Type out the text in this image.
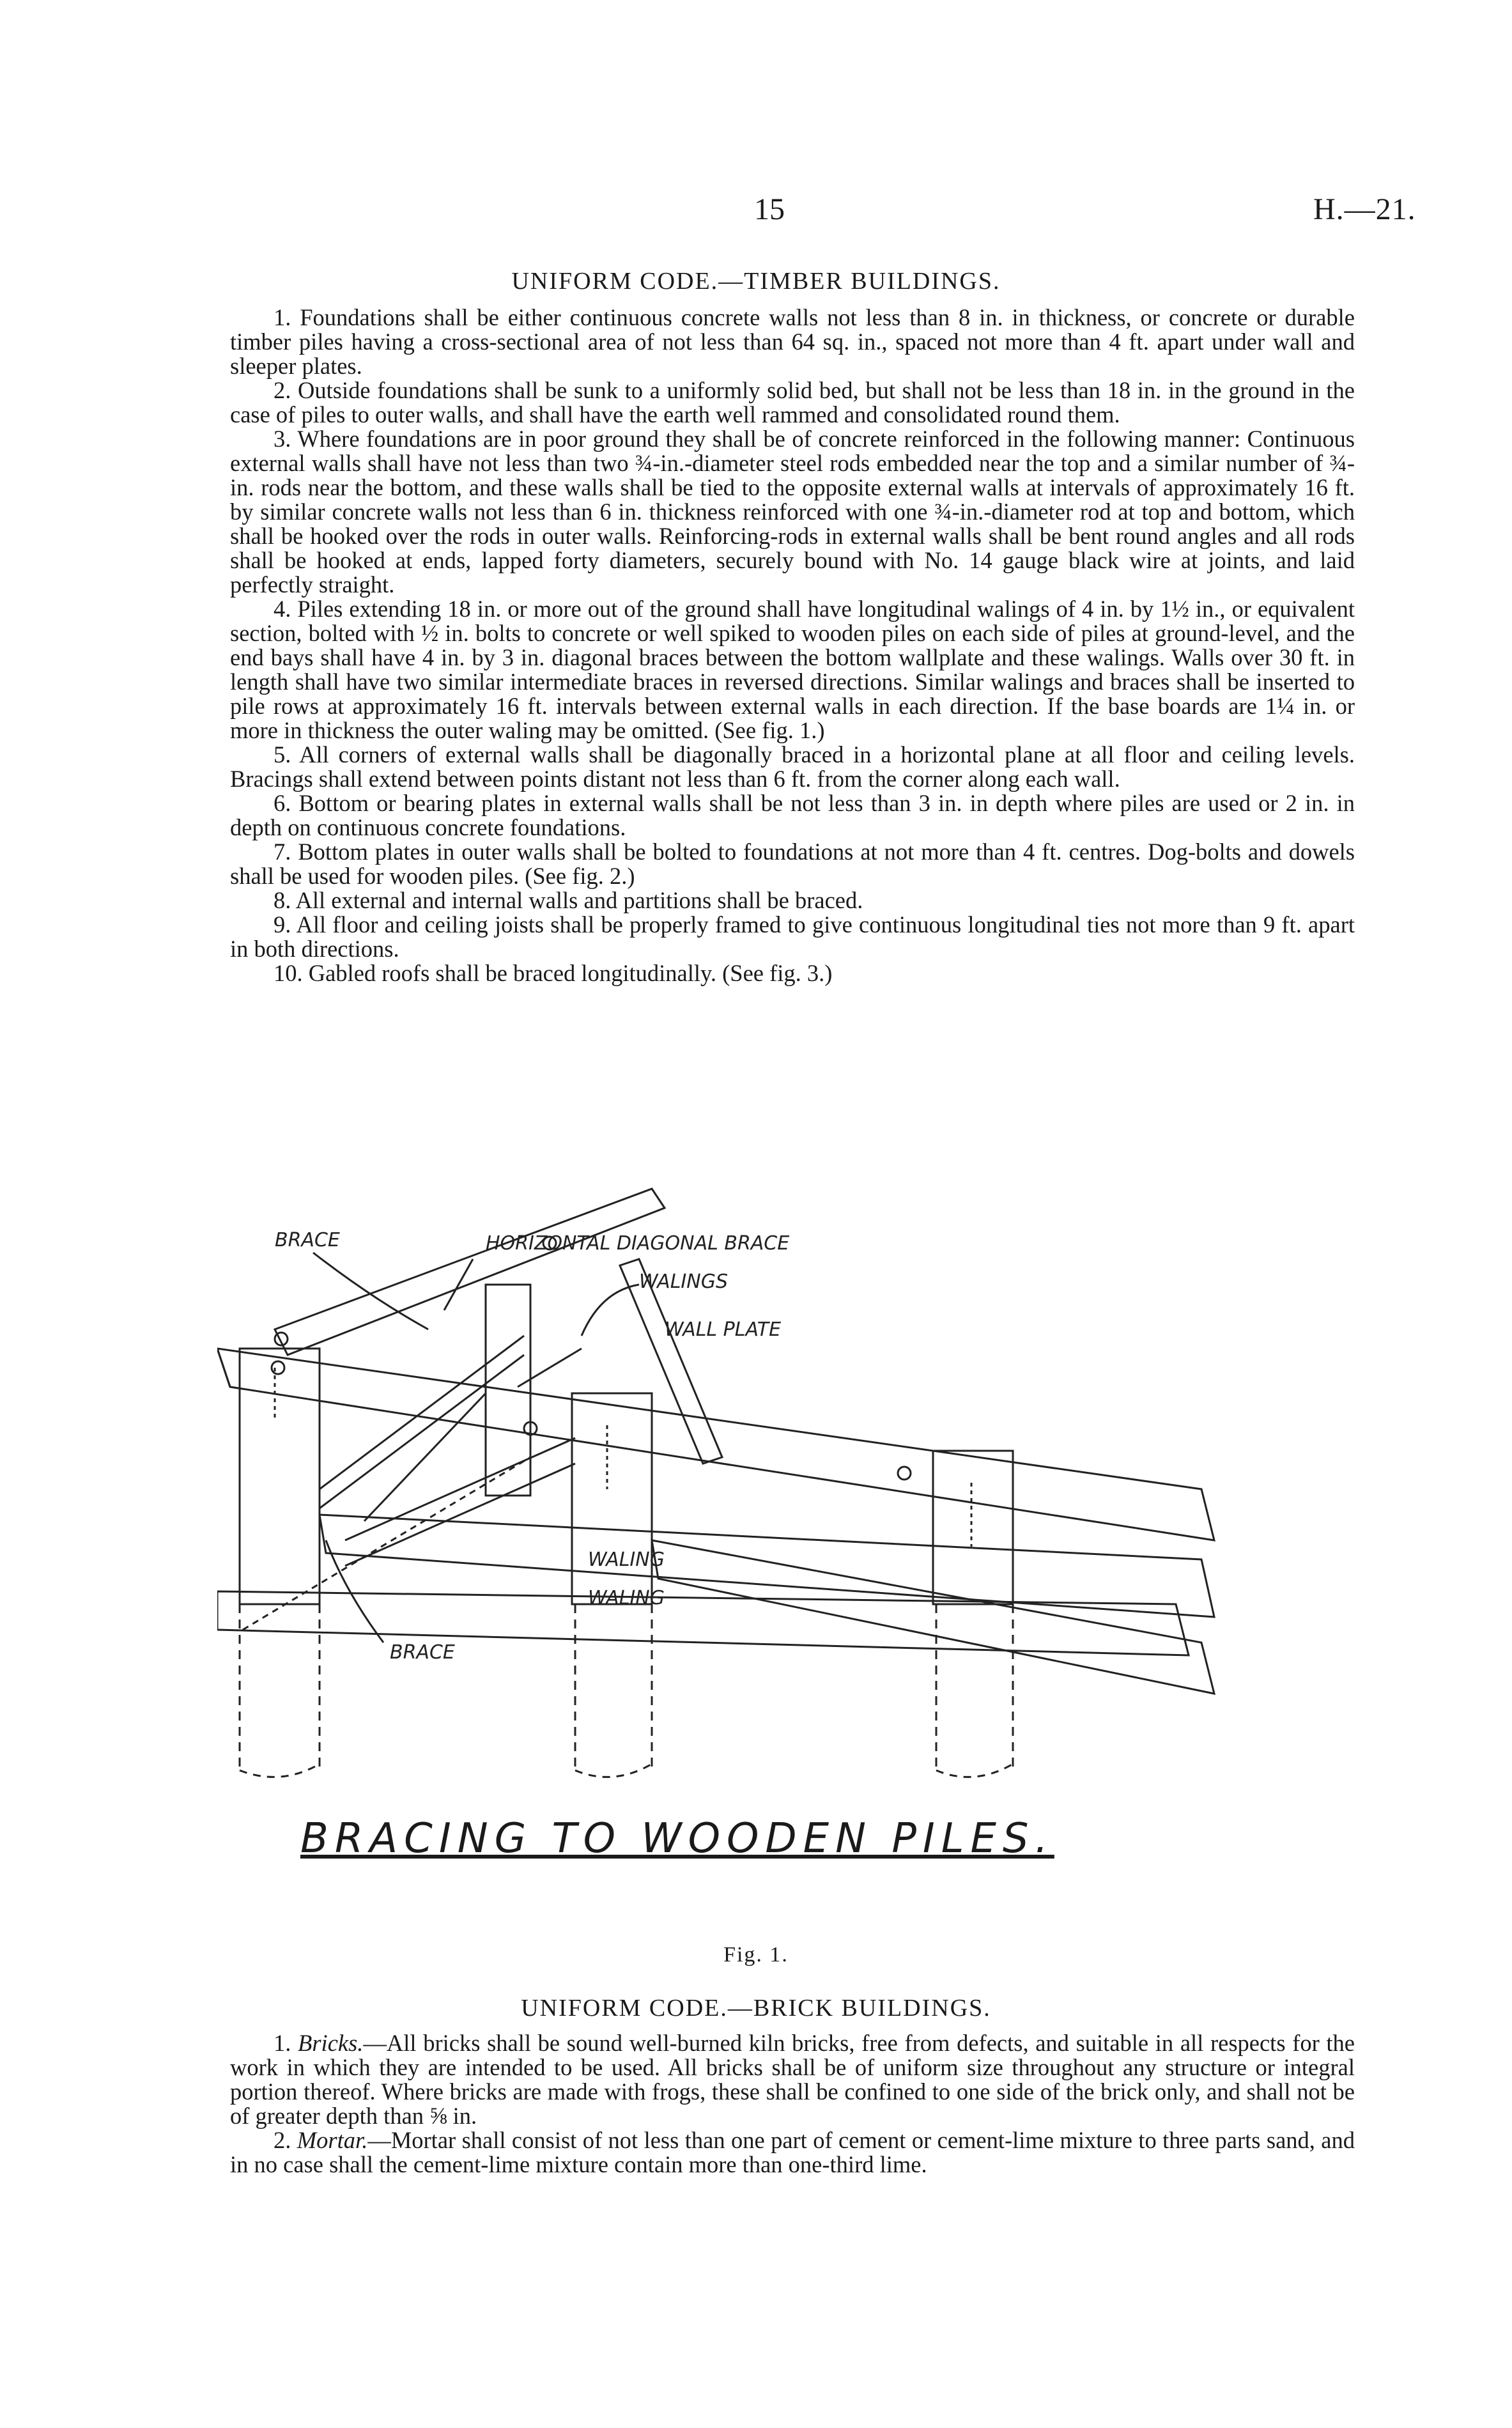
15	H.—21.
UNIFORM CODE.—TIMBER BUILDINGS.

1. Foundations shall be either continuous concrete walls not less than 8 in. in thickness, or concrete or durable timber piles having a cross-sectional area of not less than 64 sq. in., spaced not more than 4 ft. apart under wall and sleeper plates.

2. Outside foundations shall be sunk to a uniformly solid bed, but shall not be less than 18 in. in the ground in the case of piles to outer walls, and shall have the earth well rammed and consolidated round them.

3. Where foundations are in poor ground they shall be of concrete reinforced in the following manner: Continuous external walls shall have not less than two ¾-in.-diameter steel rods embedded near the top and a similar number of ¾-in. rods near the bottom, and these walls shall be tied to the opposite external walls at intervals of approximately 16 ft. by similar concrete walls not less than 6 in. thickness reinforced with one ¾-in.-diameter rod at top and bottom, which shall be hooked over the rods in outer walls. Reinforcing-rods in external walls shall be bent round angles and all rods shall be hooked at ends, lapped forty diameters, securely bound with No. 14 gauge black wire at joints, and laid perfectly straight.

4. Piles extending 18 in. or more out of the ground shall have longitudinal walings of 4 in. by 1½ in., or equivalent section, bolted with ½ in. bolts to concrete or well spiked to wooden piles on each side of piles at ground-level, and the end bays shall have 4 in. by 3 in. diagonal braces between the bottom wallplate and these walings. Walls over 30 ft. in length shall have two similar intermediate braces in reversed directions. Similar walings and braces shall be inserted to pile rows at approximately 16 ft. intervals between external walls in each direction. If the base boards are 1¼ in. or more in thickness the outer waling may be omitted. (See fig. 1.)

5. All corners of external walls shall be diagonally braced in a horizontal plane at all floor and ceiling levels. Bracings shall extend between points distant not less than 6 ft. from the corner along each wall.

6. Bottom or bearing plates in external walls shall be not less than 3 in. in depth where piles are used or 2 in. in depth on continuous concrete foundations.

7. Bottom plates in outer walls shall be bolted to foundations at not more than 4 ft. centres. Dog-bolts and dowels shall be used for wooden piles. (See fig. 2.)

8. All external and internal walls and partitions shall be braced.

9. All floor and ceiling joists shall be properly framed to give continuous longitudinal ties not more than 9 ft. apart in both directions.

10. Gabled roofs shall be braced longitudinally. (See fig. 3.)

BRACE	HORIZONTAL DIAGONAL BRACE
WALINGS
WALL PLATE
WALING
WALING
BRACE
BRACING TO WOODEN PILES.
Fig. 1.
UNIFORM CODE.—BRICK BUILDINGS.

1. Bricks.—All bricks shall be sound well-burned kiln bricks, free from defects, and suitable in all respects for the work in which they are intended to be used. All bricks shall be of uniform size throughout any structure or integral portion thereof. Where bricks are made with frogs, these shall be confined to one side of the brick only, and shall not be of greater depth than ⅝ in.

2. Mortar.—Mortar shall consist of not less than one part of cement or cement-lime mixture to three parts sand, and in no case shall the cement-lime mixture contain more than one-third lime.
